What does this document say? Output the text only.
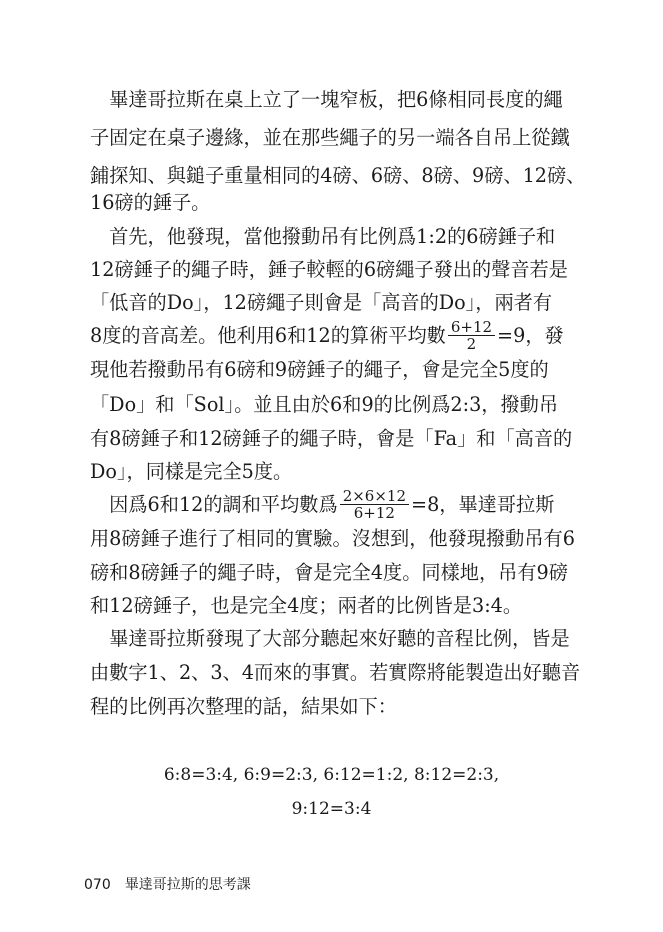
　畢達哥拉斯在桌上立了一塊窄板，把6條相同長度的繩
子固定在桌子邊緣，並在那些繩子的另一端各自吊上從鐵
鋪探知、與鎚子重量相同的4磅、6磅、8磅、9磅、12磅、
16磅的錘子。
　首先，他發現，當他撥動吊有比例爲1:2的6磅錘子和
12磅錘子的繩子時，錘子較輕的6磅繩子發出的聲音若是
「低音的Do」，12磅繩子則會是「高音的Do」，兩者有
8度的音高差。他利用6和12的算術平均數 $\frac{6+12}{2} =9$，發
現他若撥動吊有6磅和9磅錘子的繩子，會是完全5度的
「Do」和「Sol」。並且由於6和9的比例爲2:3，撥動吊
有8磅錘子和12磅錘子的繩子時，會是「Fa」和「高音的
Do」，同樣是完全5度。
　因爲6和12的調和平均數爲 $\frac{2\times 6\times 12}{6+12} =8$，畢達哥拉斯
用8磅錘子進行了相同的實驗。沒想到，他發現撥動吊有6
磅和8磅錘子的繩子時，會是完全4度。同樣地，吊有9磅
和12磅錘子，也是完全4度；兩者的比例皆是3:4。
　畢達哥拉斯發現了大部分聽起來好聽的音程比例，皆是
由數字1、2、3、4而來的事實。若實際將能製造出好聽音
程的比例再次整理的話，結果如下：
6:8=3:4, 6:9=2:3, 6:12=1:2, 8:12=2:3,
9:12=3:4
070 畢達哥拉斯的思考課
